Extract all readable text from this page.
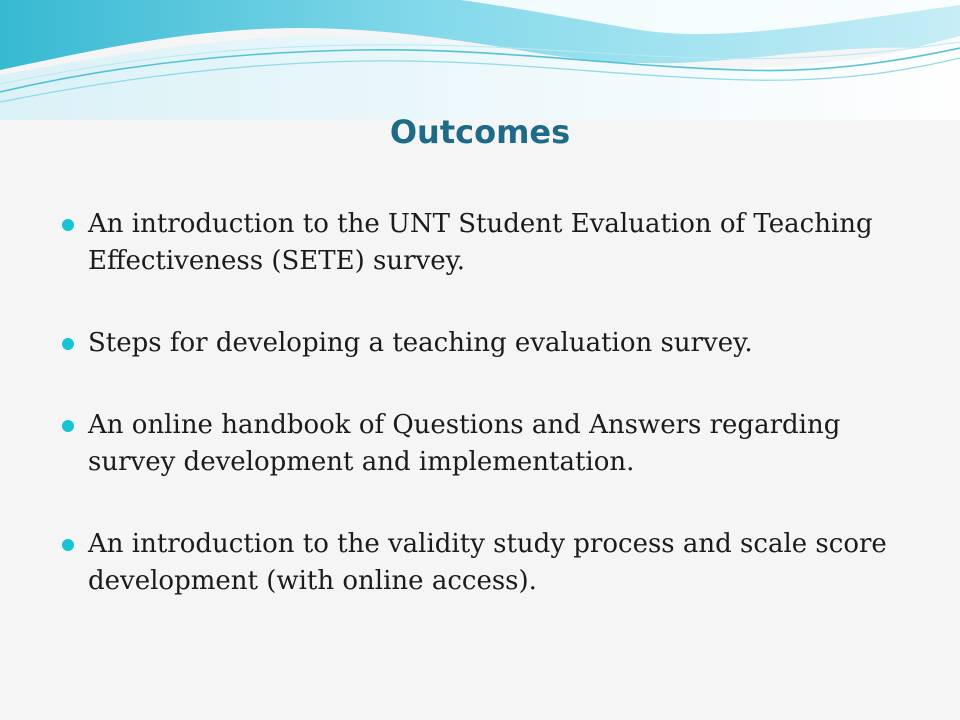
Outcomes
An introduction to the UNT Student Evaluation of Teaching Effectiveness (SETE) survey.
Steps for developing a teaching evaluation survey.
An online handbook of Questions and Answers regarding survey development and implementation.
An introduction to the validity study process and scale score development (with online access).
